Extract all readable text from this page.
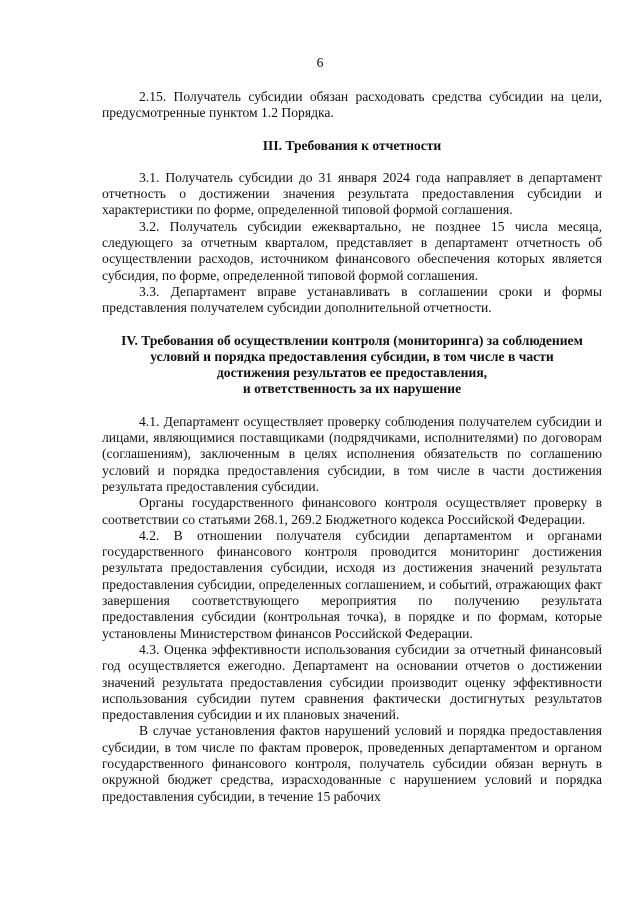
6

2.15. Получатель субсидии обязан расходовать средства субсидии на цели, предусмотренные пунктом 1.2 Порядка.

III. Требования к отчетности

3.1. Получатель субсидии до 31 января 2024 года направляет в департамент отчетность о достижении значения результата предоставления субсидии и характеристики по форме, определенной типовой формой соглашения.

3.2. Получатель субсидии ежеквартально, не позднее 15 числа месяца, следующего за отчетным кварталом, представляет в департамент отчетность об осуществлении расходов, источником финансового обеспечения которых является субсидия, по форме, определенной типовой формой соглашения.

3.3. Департамент вправе устанавливать в соглашении сроки и формы представления получателем субсидии дополнительной отчетности.

IV. Требования об осуществлении контроля (мониторинга) за соблюдением
условий и порядка предоставления субсидии, в том числе в части
достижения результатов ее предоставления,
и ответственность за их нарушение

4.1. Департамент осуществляет проверку соблюдения получателем субсидии и лицами, являющимися поставщиками (подрядчиками, исполнителями) по договорам (соглашениям), заключенным в целях исполнения обязательств по соглашению условий и порядка предоставления субсидии, в том числе в части достижения результата предоставления субсидии.

Органы государственного финансового контроля осуществляет проверку в соответствии со статьями 268.1, 269.2 Бюджетного кодекса Российской Федерации.

4.2. В отношении получателя субсидии департаментом и органами государственного финансового контроля проводится мониторинг достижения результата предоставления субсидии, исходя из достижения значений результата предоставления субсидии, определенных соглашением, и событий, отражающих факт завершения соответствующего мероприятия по получению результата предоставления субсидии (контрольная точка), в порядке и по формам, которые установлены Министерством финансов Российской Федерации.

4.3. Оценка эффективности использования субсидии за отчетный финансовый год осуществляется ежегодно. Департамент на основании отчетов о достижении значений результата предоставления субсидии производит оценку эффективности использования субсидии путем сравнения фактически достигнутых результатов предоставления субсидии и их плановых значений.

В случае установления фактов нарушений условий и порядка предоставления субсидии, в том числе по фактам проверок, проведенных департаментом и органом государственного финансового контроля, получатель субсидии обязан вернуть в окружной бюджет средства, израсходованные с нарушением условий и порядка предоставления субсидии, в течение 15 рабочих
